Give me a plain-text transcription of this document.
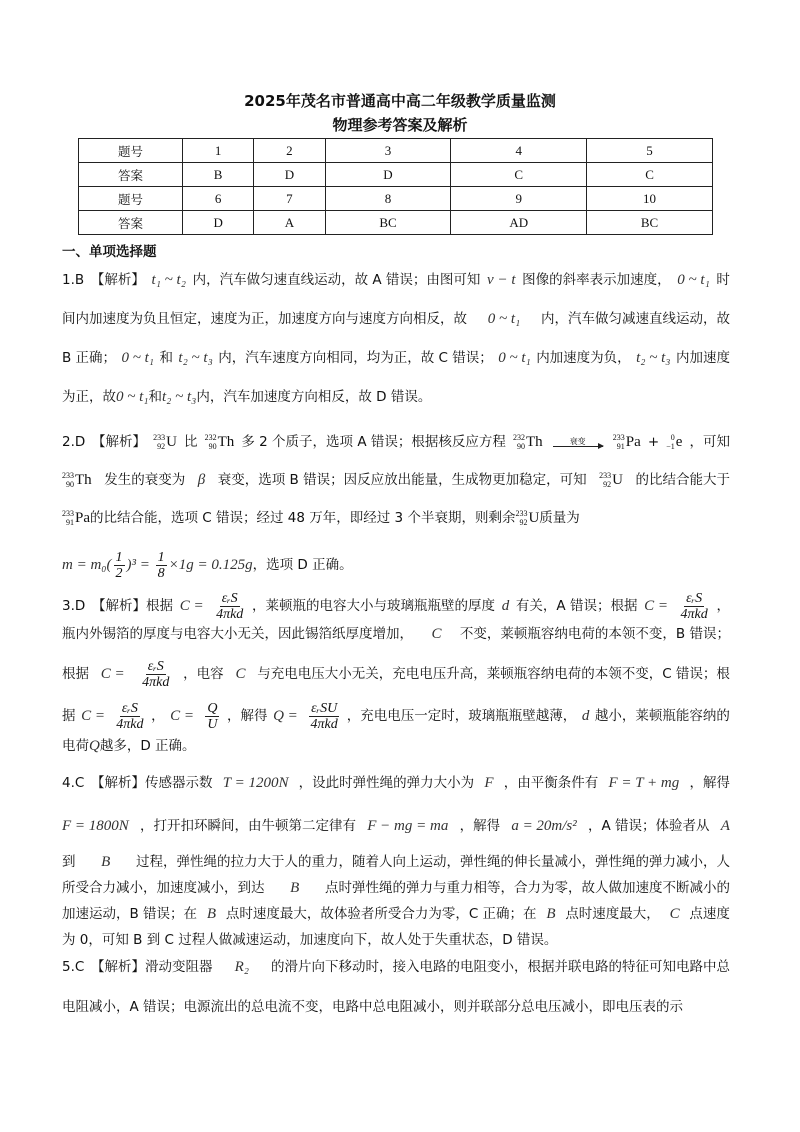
2025年茂名市普通高中高二年级教学质量监测
物理参考答案及解析
题号	1	2	3	4	5
答案	B	D	D	C	C
题号	6	7	8	9	10
答案	D	A	BC	AD	BC
一、单项选择题
1.B　【解析】 t₁ ~ t₂ 内，汽车做匀速直线运动，故 A 错误；由图可知 v − t 图像的斜率表示加速度， 0 ~ t₁ 时
间内加速度为负且恒定，速度为正，加速度方向与速度方向相反，故 0 ~ t₁ 内，汽车做匀减速直线运动，故
B 正确； 0 ~ t₁ 和 t₂ ~ t₃ 内，汽车速度方向相同，均为正，故 C 错误； 0 ~ t₁ 内加速度为负， t₂ ~ t₃ 内加速度
为正，故 0 ~ t₁ 和 t₂ ~ t₃ 内，汽车加速度方向相反，故 D 错误。
2.D　【解析】 233
92 U 比 232
90 Th 多 2 个质子，选项 A 错误；根据核反应方程 232
90 Th	衰变	233
91 Pa + 0
−1 e ，可知
233
90 Th 发生的衰变为 β 衰变，选项 B 错误；因反应放出能量，生成物更加稳定，可知 233
92 U 的比结合能大于
233
91 Pa 的比结合能，选项 C 错误；经过 48 万年，即经过 3 个半衰期，则剩余 233
92 U 质量为
$m = m_0( \frac{1}{2} )^3 = \frac{1}{8} \times 1g = 0.125g$ ，选项 D 正确。
3.D　【解析】根据 $C = \frac{\text{εᵣS}}{\text{4πkd}}$ ，莱顿瓶的电容大小与玻璃瓶瓶壁的厚度 d 有关，A 错误；根据 $C = \frac{\text{εᵣS}}{\text{4πkd}}$ ，
瓶内外锡箔的厚度与电容大小无关，因此锡箔纸厚度增加， C 不变，莱顿瓶容纳电荷的本领不变，B 错误；
根据 $C = \frac{\text{εᵣS}}{\text{4πkd}}$ ，电容 C 与充电电压大小无关，充电电压升高，莱顿瓶容纳电荷的本领不变，C 错误；根
据 $C = \frac{\text{εᵣS}}{\text{4πkd}}$ ， $C = \frac{Q}{U}$ ，解得 $Q = \frac{\text{εᵣSU}}{\text{4πkd}}$ ，充电电压一定时，玻璃瓶瓶壁越薄， d 越小，莱顿瓶能容纳的
电荷 Q 越多，D 正确。
4.C　【解析】传感器示数 T = 1200N ，设此时弹性绳的弹力大小为 F ，由平衡条件有 F = T + mg ，解得
F = 1800N ，打开扣环瞬间，由牛顿第二定律有 F − mg = ma ，解得 a = 20m/s² ，A 错误；体验者从 A
到 B 过程，弹性绳的拉力大于人的重力，随着人向上运动，弹性绳的伸长量减小，弹性绳的弹力减小，人
所受合力减小，加速度减小，到达 B 点时弹性绳的弹力与重力相等，合力为零，故人做加速度不断减小的
加速运动，B 错误；在 B 点时速度最大，故体验者所受合力为零，C 正确；在 B 点时速度最大， C 点速度
为 0，可知 B 到 C 过程人做减速运动，加速度向下，故人处于失重状态，D 错误。
5.C　【解析】滑动变阻器 R₂ 的滑片向下移动时，接入电路的电阻变小，根据并联电路的特征可知电路中总
电阻减小，A 错误；电源流出的总电流不变，电路中总电阻减小，则并联部分总电压减小，即电压表的示
